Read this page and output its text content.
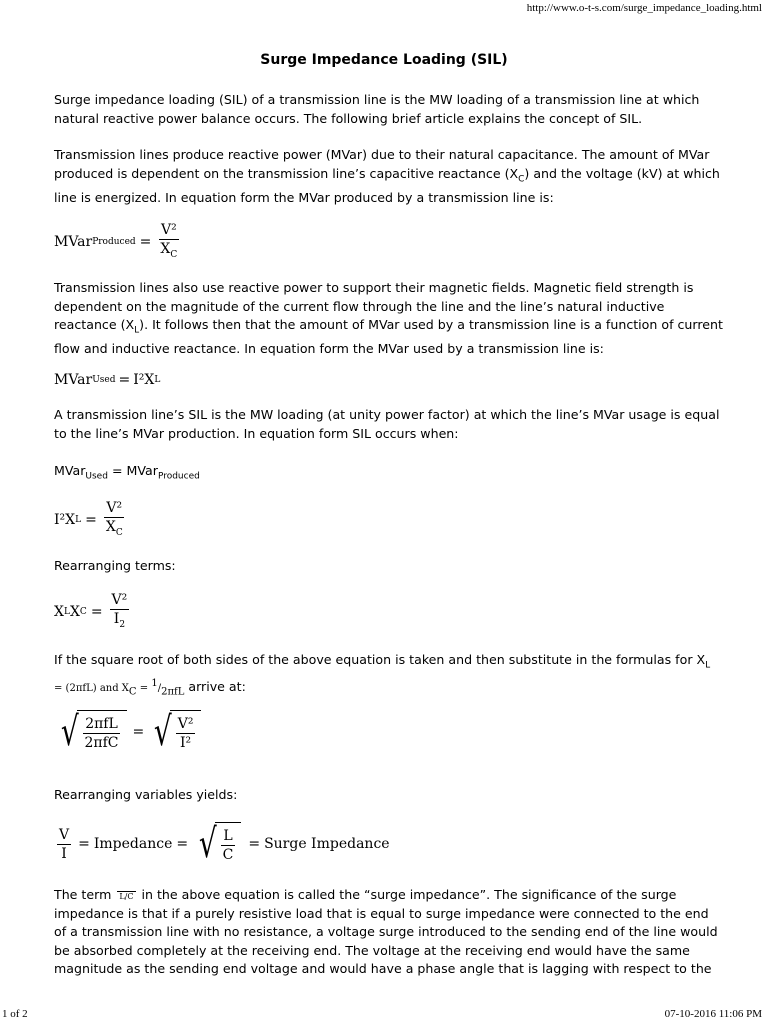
http://www.o-t-s.com/surge_impedance_loading.html
Surge Impedance Loading (SIL)
Surge impedance loading (SIL) of a transmission line is the MW loading of a transmission line at which natural reactive power balance occurs. The following brief article explains the concept of SIL.
Transmission lines produce reactive power (MVar) due to their natural capacitance. The amount of MVar produced is dependent on the transmission line’s capacitive reactance $(X_C)$ and the voltage (kV) at which line is energized. In equation form the MVar produced by a transmission line is:
MVar Produced = $\frac{\text{V²}}{X_C}$
Transmission lines also use reactive power to support their magnetic fields. Magnetic field strength is dependent on the magnitude of the current flow through the line and the line’s natural inductive reactance $(X_L)$. It follows then that the amount of MVar used by a transmission line is a function of current flow and inductive reactance. In equation form the MVar used by a transmission line is:
MVar Used = I² X L
A transmission line’s SIL is the MW loading (at unity power factor) at which the line’s MVar usage is equal to the line’s MVar production. In equation form SIL occurs when:
MVar$_{Used}$ = MVar$_{Produced}$
I² X $L = \frac{\text{V²}}{X_C}$
Rearranging terms:
X L X $C = \frac{\text{V²}}{I_2}$
If the square root of both sides of the above equation is taken and then substitute in the formulas for $X_L$
= (2πfL) and $X_C = ^1/_{2\pi fL}$ arrive at:
√ $\frac{\text{2πfL}}{\text{2πfC}}$ = √ $\frac{\text{V²}}{\text{I²}}$
Rearranging variables yields:
$\frac{V}{I}$ = Impedance = √ $\frac{L}{C}$ = Surge Impedance
The term L/C in the above equation is called the “surge impedance”. The significance of the surge impedance is that if a purely resistive load that is equal to surge impedance were connected to the end of a transmission line with no resistance, a voltage surge introduced to the sending end of the line would be absorbed completely at the receiving end. The voltage at the receiving end would have the same magnitude as the sending end voltage and would have a phase angle that is lagging with respect to the
1 of 2	07-10-2016 11:06 PM
